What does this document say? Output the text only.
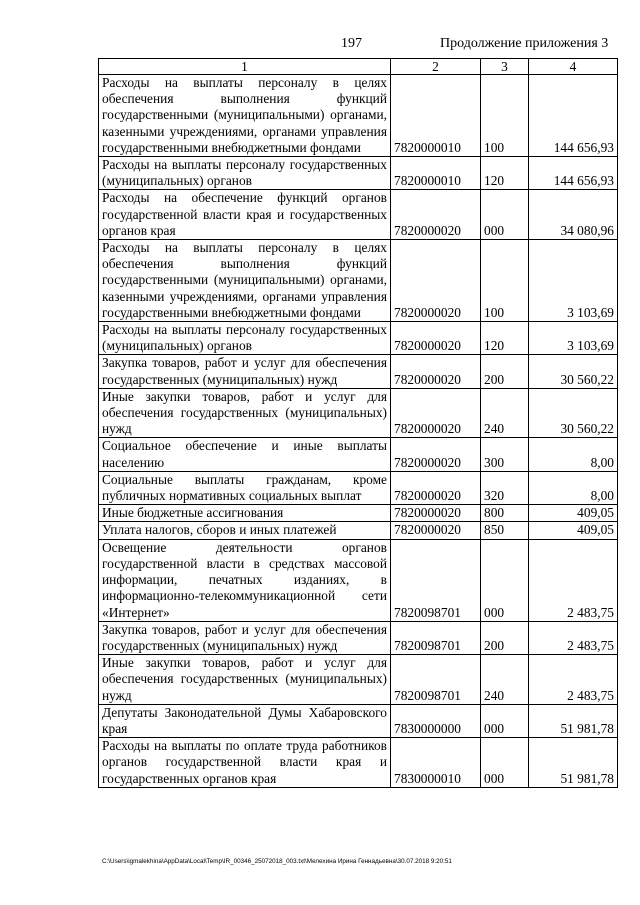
197	Продолжение приложения 3
1	2	3	4
Расходы на выплаты персоналу в целях обеспечения выполнения функций государственными (муниципальными) органами, казенными учреждениями, органами управления государственными внебюджетными фондами	7820000010	100	144 656,93
Расходы на выплаты персоналу государственных (муниципальных) органов	7820000010	120	144 656,93
Расходы на обеспечение функций органов государственной власти края и государственных органов края	7820000020	000	34 080,96
Расходы на выплаты персоналу в целях обеспечения выполнения функций государственными (муниципальными) органами, казенными учреждениями, органами управления государственными внебюджетными фондами	7820000020	100	3 103,69
Расходы на выплаты персоналу государственных (муниципальных) органов	7820000020	120	3 103,69
Закупка товаров, работ и услуг для обеспечения государственных (муниципальных) нужд	7820000020	200	30 560,22
Иные закупки товаров, работ и услуг для обеспечения государственных (муниципальных) нужд	7820000020	240	30 560,22
Социальное обеспечение и иные выплаты населению	7820000020	300	8,00
Социальные выплаты гражданам, кроме публичных нормативных социальных выплат	7820000020	320	8,00
Иные бюджетные ассигнования	7820000020	800	409,05
Уплата налогов, сборов и иных платежей	7820000020	850	409,05
Освещение деятельности органов государственной власти в средствах массовой информации, печатных изданиях, в информационно-телекоммуникационной сети «Интернет»	7820098701	000	2 483,75
Закупка товаров, работ и услуг для обеспечения государственных (муниципальных) нужд	7820098701	200	2 483,75
Иные закупки товаров, работ и услуг для обеспечения государственных (муниципальных) нужд	7820098701	240	2 483,75
Депутаты Законодательной Думы Хабаровского края	7830000000	000	51 981,78
Расходы на выплаты по оплате труда работников органов государственной власти края и государственных органов края	7830000010	000	51 981,78
C:\Users\igmalekhina\AppData\Local\Temp\IR_00346_25072018_003.txt\Мелехина Ирина Геннадьевна\30.07.2018 9:20:51
